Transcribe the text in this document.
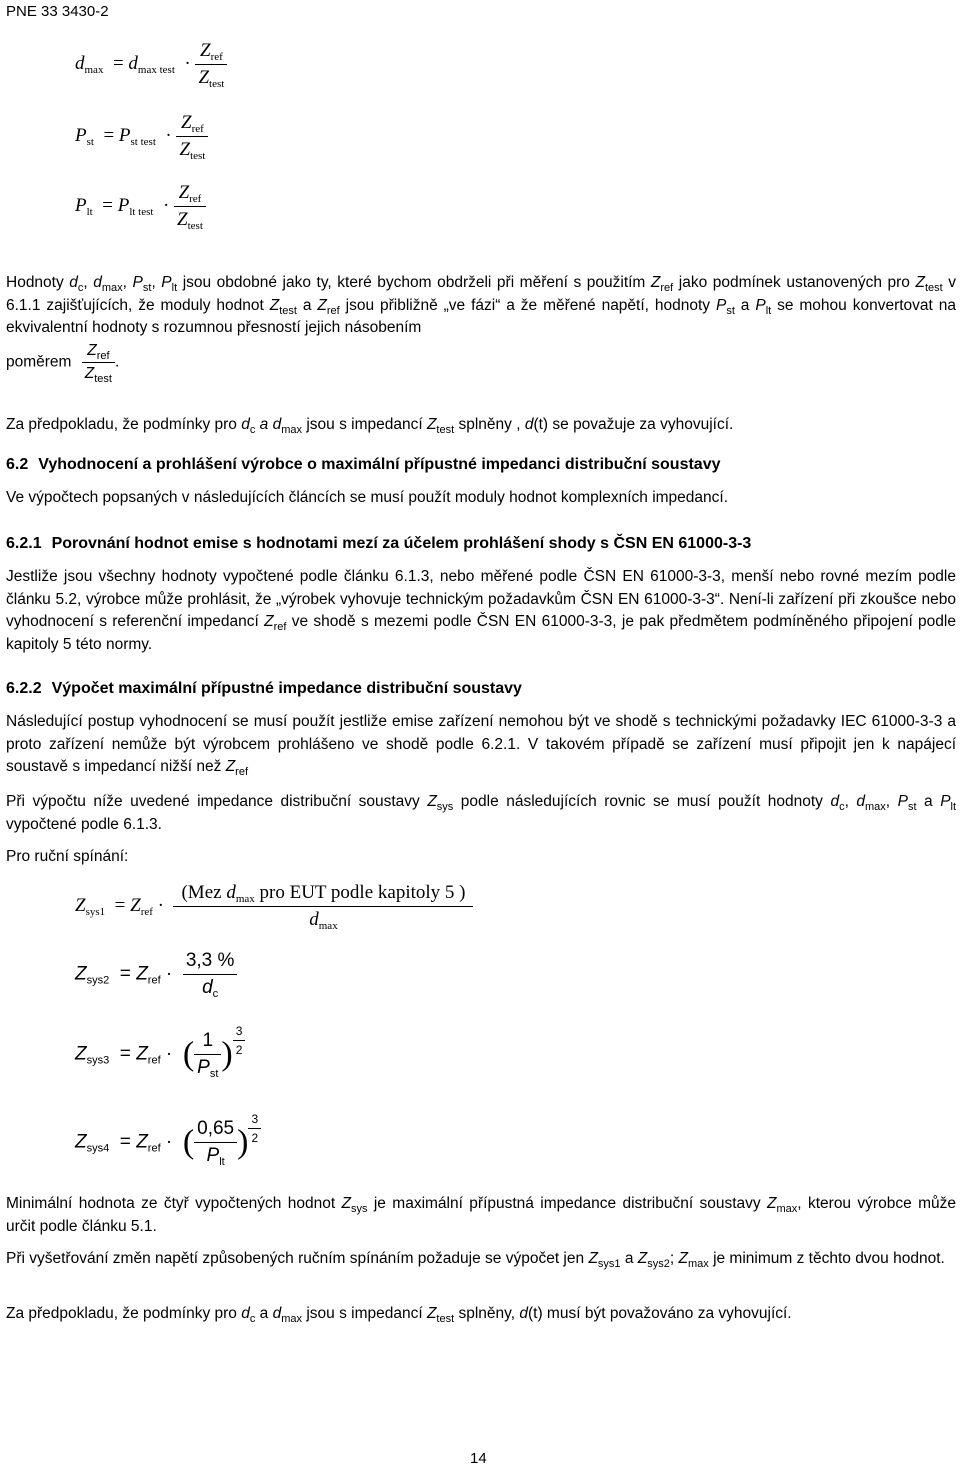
PNE 33 3430-2
$d_{max} = d_{max test} \cdot \frac{Z_{ref}}{Z_{test}}$
$P_{st} = P_{st test} \cdot \frac{Z_{ref}}{Z_{test}}$
$P_{lt} = P_{lt test} \cdot \frac{Z_{ref}}{Z_{test}}$
Hodnoty $d_c$, $d_{max}$, $P_{st}$, $P_{lt}$ jsou obdobné jako ty, které bychom obdrželi při měření s použitím $Z_{ref}$ jako podmínek ustanovených pro $Z_{test}$ v 6.1.1 zajišťujících, že moduly hodnot $Z_{test}$ a $Z_{ref}$ jsou přibližně „ve fázi“ a že měřené napětí, hodnoty $P_{st}$ a $P_{lt}$ se mohou konvertovat na ekvivalentní hodnoty s rozumnou přesností jejich násobením
poměrem $\frac{Z_{ref}}{Z_{test}}$ .
Za předpokladu, že podmínky pro $d_c$ a $d_{max}$ jsou s impedancí $Z_{test}$ splněny , d(t) se považuje za vyhovující.
6.2 Vyhodnocení a prohlášení výrobce o maximální přípustné impedanci distribuční soustavy
Ve výpočtech popsaných v následujících článcích se musí použít moduly hodnot komplexních impedancí.
6.2.1 Porovnání hodnot emise s hodnotami mezí za účelem prohlášení shody s ČSN EN 61000-3-3
Jestliže jsou všechny hodnoty vypočtené podle článku 6.1.3, nebo měřené podle ČSN EN 61000-3-3, menší nebo rovné mezím podle článku 5.2, výrobce může prohlásit, že „výrobek vyhovuje technickým požadavkům ČSN EN 61000-3-3“. Není-li zařízení při zkoušce nebo vyhodnocení s referenční impedancí $Z_{ref}$ ve shodě s mezemi podle ČSN EN 61000-3-3, je pak předmětem podmíněného připojení podle kapitoly 5 této normy.
6.2.2 Výpočet maximální přípustné impedance distribuční soustavy
Následující postup vyhodnocení se musí použít jestliže emise zařízení nemohou být ve shodě s technickými požadavky IEC 61000-3-3 a proto zařízení nemůže být výrobcem prohlášeno ve shodě podle 6.2.1. V takovém případě se zařízení musí připojit jen k napájecí soustavě s impedancí nižší než $Z_{ref}$
Při výpočtu níže uvedené impedance distribuční soustavy $Z_{sys}$ podle následujících rovnic se musí použít hodnoty $d_c$, $d_{max}$, $P_{st}$ a $P_{lt}$ vypočtené podle 6.1.3.
Pro ruční spínání:
$Z_{sys1} = Z_{ref} \cdot \frac{(Mez d_{max} pro EUT podle kapitoly 5 )}{d_{max}}$
$Z_{sys2} = Z_{ref} \cdot \frac{3,3 \%}{d_c}$
$Z_{sys3} = Z_{ref}$ ·  ( $\frac{1}{P_{st}}$ ) $\frac{3}{2}$
$Z_{sys4} = Z_{ref}$ ·  ( $\frac{0,65}{P_{lt}}$ ) $\frac{3}{2}$
Minimální hodnota ze čtyř vypočtených hodnot $Z_{sys}$ je maximální přípustná impedance distribuční soustavy $Z_{max}$, kterou výrobce může určit podle článku 5.1.
Při vyšetřování změn napětí způsobených ručním spínáním požaduje se výpočet jen $Z_{sys1}$ a $Z_{sys2}$; $Z_{max}$ je minimum z těchto dvou hodnot.
Za předpokladu, že podmínky pro $d_c$ a $d_{max}$ jsou s impedancí $Z_{test}$ splněny, d(t) musí být považováno za vyhovující.
14
